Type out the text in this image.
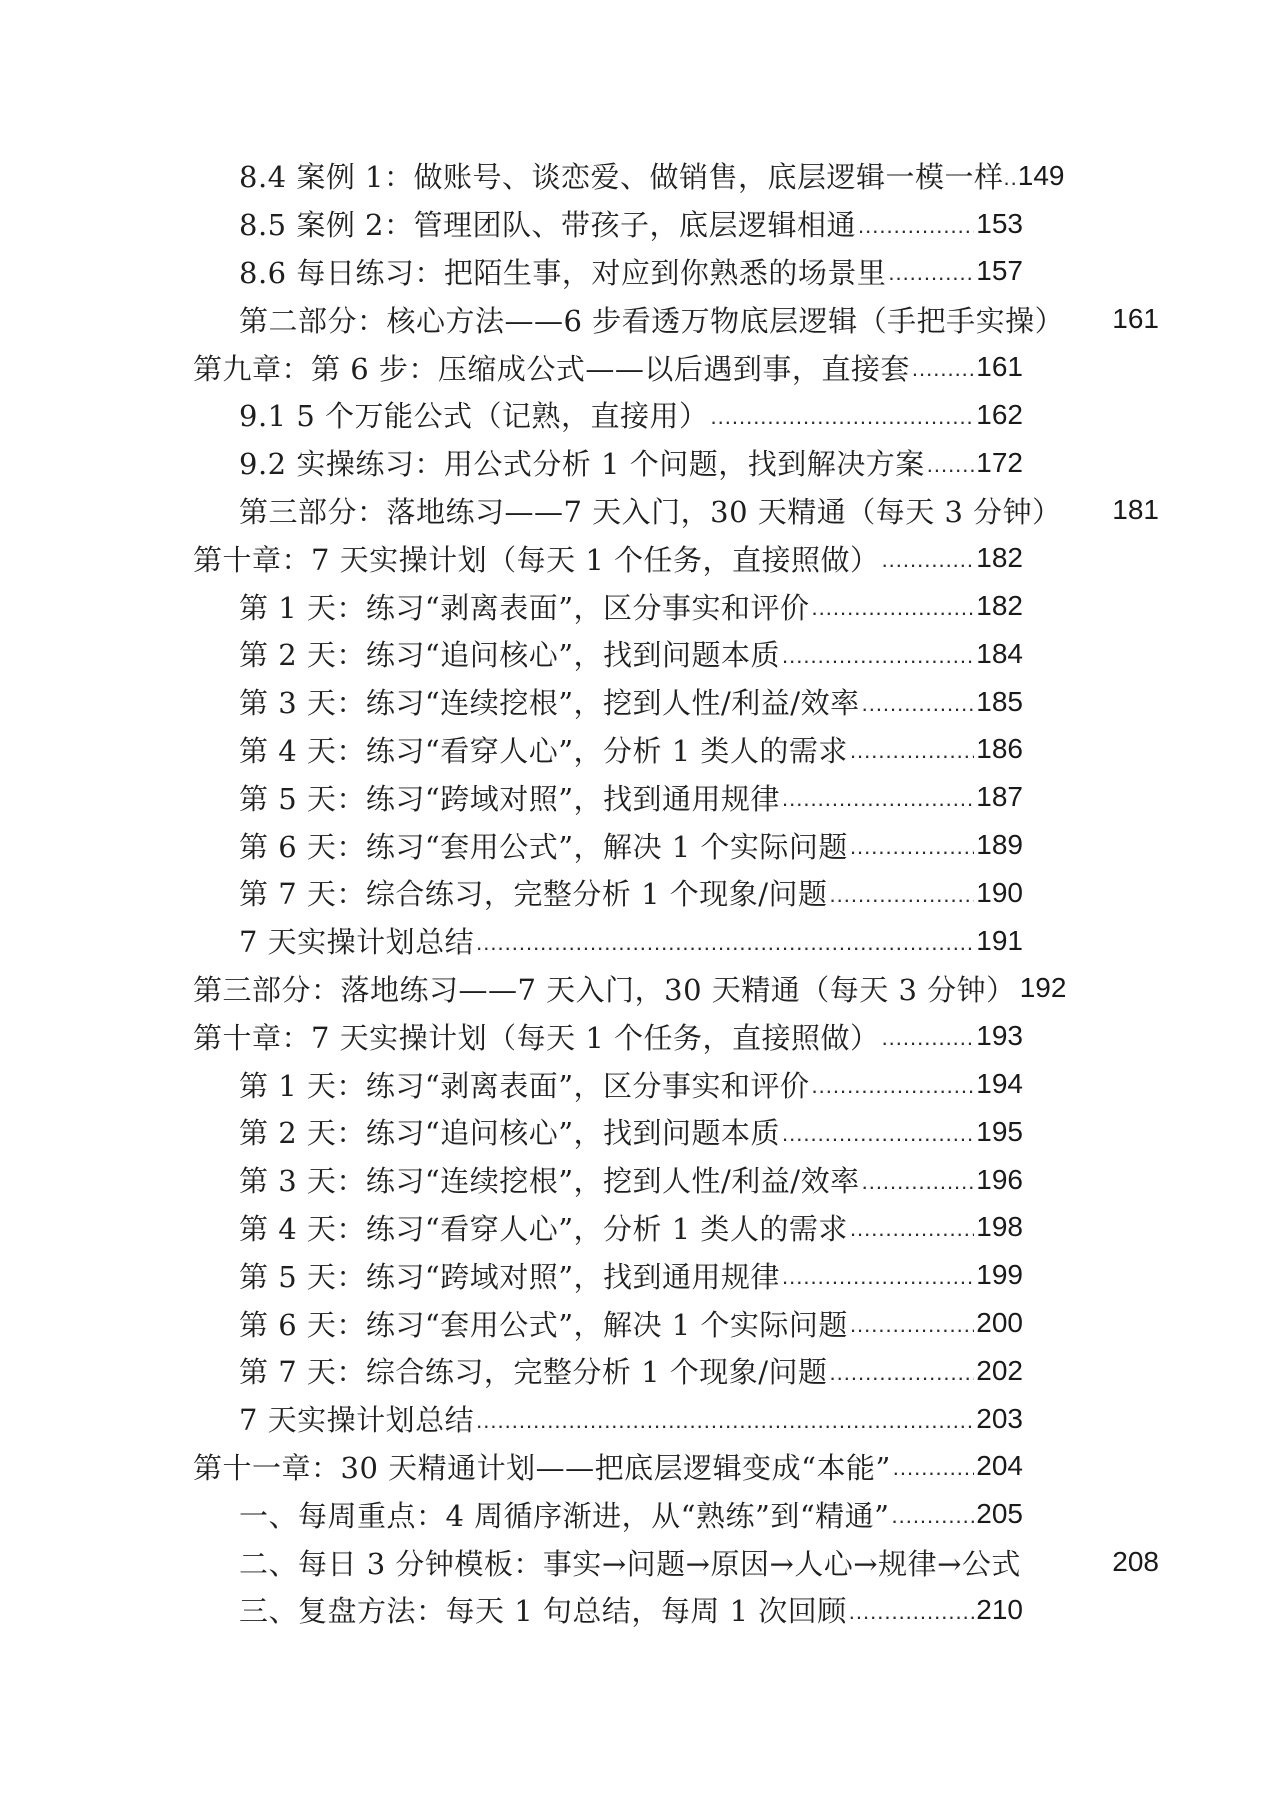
8.4 案例 1：做账号、谈恋爱、做销售，底层逻辑一模一样 .. 149
8.5 案例 2：管理团队、带孩子，底层逻辑相通 .....	153
8.6 每日练习：把陌生事，对应到你熟悉的场景里 .....	157
第二部分：核心方法——6 步看透万物底层逻辑（手把手实操） 161
第九章：第 6 步：压缩成公式——以后遇到事，直接套 ..... 161
9.1 5 个万能公式（记熟，直接用） .....	162
9.2 实操练习：用公式分析 1 个问题，找到解决方案 ..... 172
第三部分：落地练习——7 天入门，30 天精通（每天 3 分钟） 181
第十章：7 天实操计划（每天 1 个任务，直接照做） .....	182
第 1 天：练习“剥离表面”，区分事实和评价 .....	182
第 2 天：练习“追问核心”，找到问题本质 .....	184
第 3 天：练习“连续挖根”，挖到人性/利益/效率 .....	185
第 4 天：练习“看穿人心”，分析 1 类人的需求 .....	186
第 5 天：练习“跨域对照”，找到通用规律 .....	187
第 6 天：练习“套用公式”，解决 1 个实际问题 .....	189
第 7 天：综合练习，完整分析 1 个现象/问题 .....	190
7 天实操计划总结 .....	191
第三部分：落地练习——7 天入门，30 天精通（每天 3 分钟） 192
第十章：7 天实操计划（每天 1 个任务，直接照做） .....	193
第 1 天：练习“剥离表面”，区分事实和评价 .....	194
第 2 天：练习“追问核心”，找到问题本质 .....	195
第 3 天：练习“连续挖根”，挖到人性/利益/效率 .....	196
第 4 天：练习“看穿人心”，分析 1 类人的需求 .....	198
第 5 天：练习“跨域对照”，找到通用规律 .....	199
第 6 天：练习“套用公式”，解决 1 个实际问题 .....	200
第 7 天：综合练习，完整分析 1 个现象/问题 .....	202
7 天实操计划总结 .....	203
第十一章：30 天精通计划——把底层逻辑变成“本能” .....	204
一、每周重点：4 周循序渐进，从“熟练”到“精通” .....	205
二、每日 3 分钟模板：事实→问题→原因→人心→规律→公式	208
三、复盘方法：每天 1 句总结，每周 1 次回顾 .....	210
